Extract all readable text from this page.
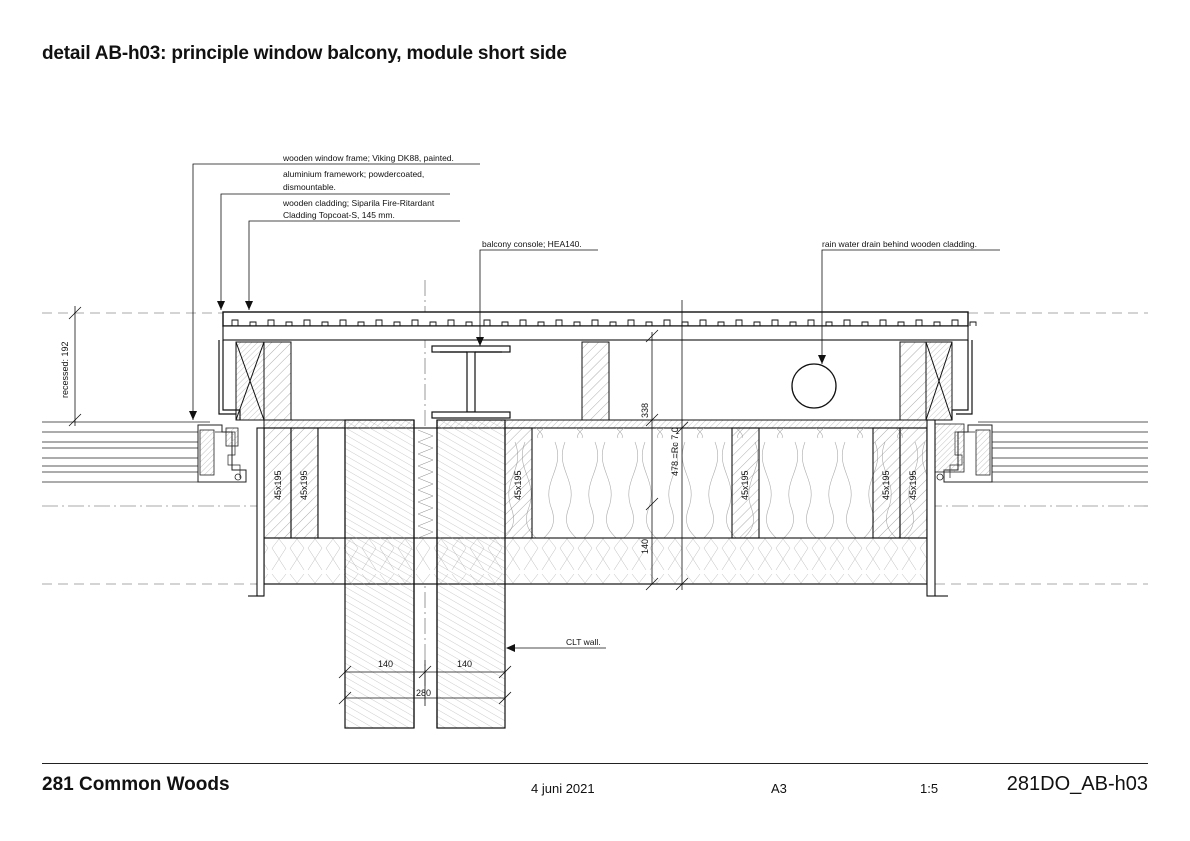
detail AB-h03: principle window balcony, module short side
wooden window frame; Viking DK88, painted.
aluminium framework; powdercoated,
dismountable.
wooden cladding; Siparila Fire-Ritardant
Cladding Topcoat-S, 145 mm.
balcony console; HEA140.	rain water drain behind wooden cladding.
CLT wall.
recessed: 192
338
478 =Rc 7,0
140
140	140
280
45x195 45x195	45x195	45x195	45x195 45x195
281 Common Woods	4 juni 2021	A3	1:5	281DO_AB-h03
